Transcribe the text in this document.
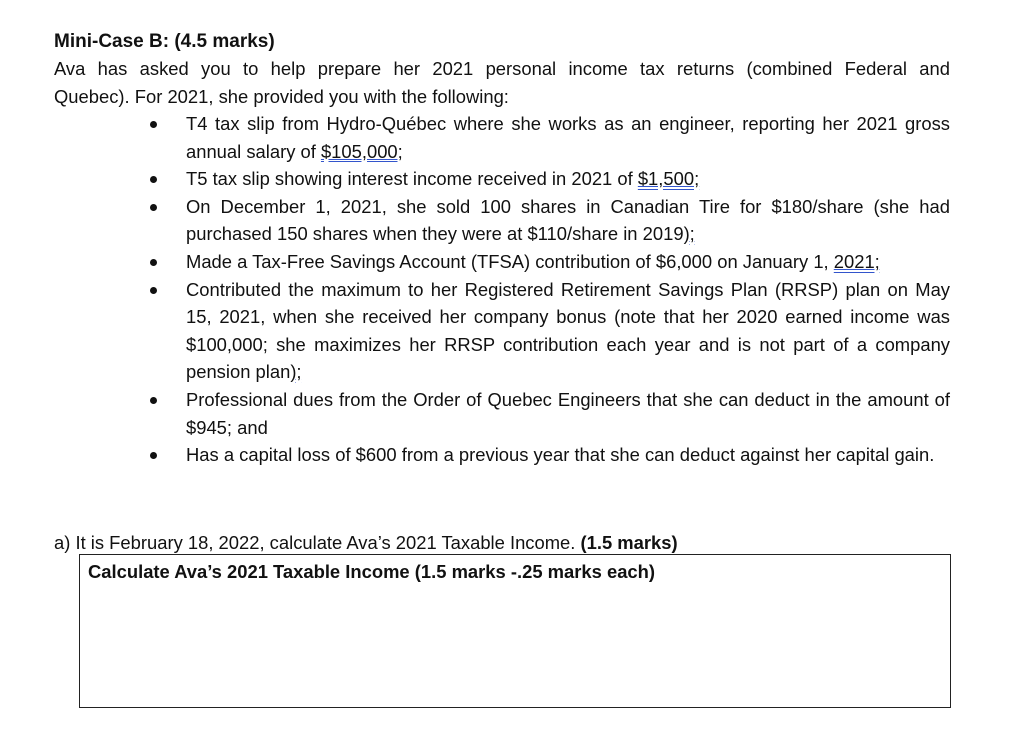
Mini-Case B: (4.5 marks)

Ava has asked you to help prepare her 2021 personal income tax returns (combined Federal and
Quebec). For 2021, she provided you with the following:
T4 tax slip from Hydro-Québec where she works as an engineer, reporting her 2021 gross annual salary of $105,000;
T5 tax slip showing interest income received in 2021 of $1,500;
On December 1, 2021, she sold 100 shares in Canadian Tire for $180/share (she had purchased 150 shares when they were at $110/share in 2019);
Made a Tax-Free Savings Account (TFSA) contribution of $6,000 on January 1, 2021;
Contributed the maximum to her Registered Retirement Savings Plan (RRSP) plan on May 15, 2021, when she received her company bonus (note that her 2020 earned income was $100,000; she maximizes her RRSP contribution each year and is not part of a company pension plan);
Professional dues from the Order of Quebec Engineers that she can deduct in the amount of $945; and
Has a capital loss of $600 from a previous year that she can deduct against her capital gain.
a) It is February 18, 2022, calculate Ava’s 2021 Taxable Income. (1.5 marks)
Calculate Ava’s 2021 Taxable Income (1.5 marks -.25 marks each)
